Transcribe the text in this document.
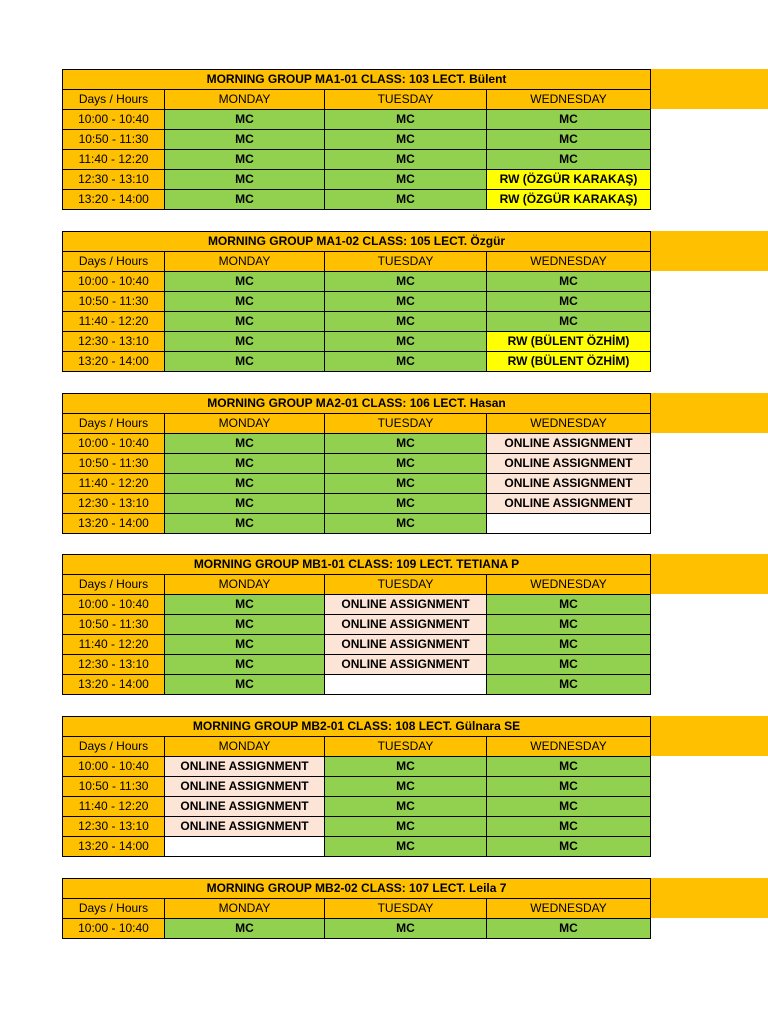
MORNING GROUP MA1-01 CLASS: 103 LECT. Bülent			
Days / Hours	MONDAY	TUESDAY	WEDNESDAY
10:00 - 10:40	MC	MC	MC
10:50 - 11:30	MC	MC	MC
11:40 - 12:20	MC	MC	MC
12:30 - 13:10	MC	MC	RW (ÖZGÜR KARAKAŞ)
13:20 - 14:00	MC	MC	RW (ÖZGÜR KARAKAŞ)
MORNING GROUP MA1-02 CLASS: 105 LECT. Özgür			
Days / Hours	MONDAY	TUESDAY	WEDNESDAY
10:00 - 10:40	MC	MC	MC
10:50 - 11:30	MC	MC	MC
11:40 - 12:20	MC	MC	MC
12:30 - 13:10	MC	MC	RW (BÜLENT ÖZHİM)
13:20 - 14:00	MC	MC	RW (BÜLENT ÖZHİM)
MORNING GROUP MA2-01 CLASS: 106 LECT. Hasan			
Days / Hours	MONDAY	TUESDAY	WEDNESDAY
10:00 - 10:40	MC	MC	ONLINE ASSIGNMENT
10:50 - 11:30	MC	MC	ONLINE ASSIGNMENT
11:40 - 12:20	MC	MC	ONLINE ASSIGNMENT
12:30 - 13:10	MC	MC	ONLINE ASSIGNMENT
13:20 - 14:00	MC	MC	
MORNING GROUP MB1-01 CLASS: 109 LECT. TETIANA P			
Days / Hours	MONDAY	TUESDAY	WEDNESDAY
10:00 - 10:40	MC	ONLINE ASSIGNMENT	MC
10:50 - 11:30	MC	ONLINE ASSIGNMENT	MC
11:40 - 12:20	MC	ONLINE ASSIGNMENT	MC
12:30 - 13:10	MC	ONLINE ASSIGNMENT	MC
13:20 - 14:00	MC		MC
MORNING GROUP MB2-01 CLASS: 108 LECT. Gülnara SE			
Days / Hours	MONDAY	TUESDAY	WEDNESDAY
10:00 - 10:40	ONLINE ASSIGNMENT	MC	MC
10:50 - 11:30	ONLINE ASSIGNMENT	MC	MC
11:40 - 12:20	ONLINE ASSIGNMENT	MC	MC
12:30 - 13:10	ONLINE ASSIGNMENT	MC	MC
13:20 - 14:00		MC	MC
MORNING GROUP MB2-02 CLASS: 107 LECT. Leila 7			
Days / Hours	MONDAY	TUESDAY	WEDNESDAY
10:00 - 10:40	MC	MC	MC
